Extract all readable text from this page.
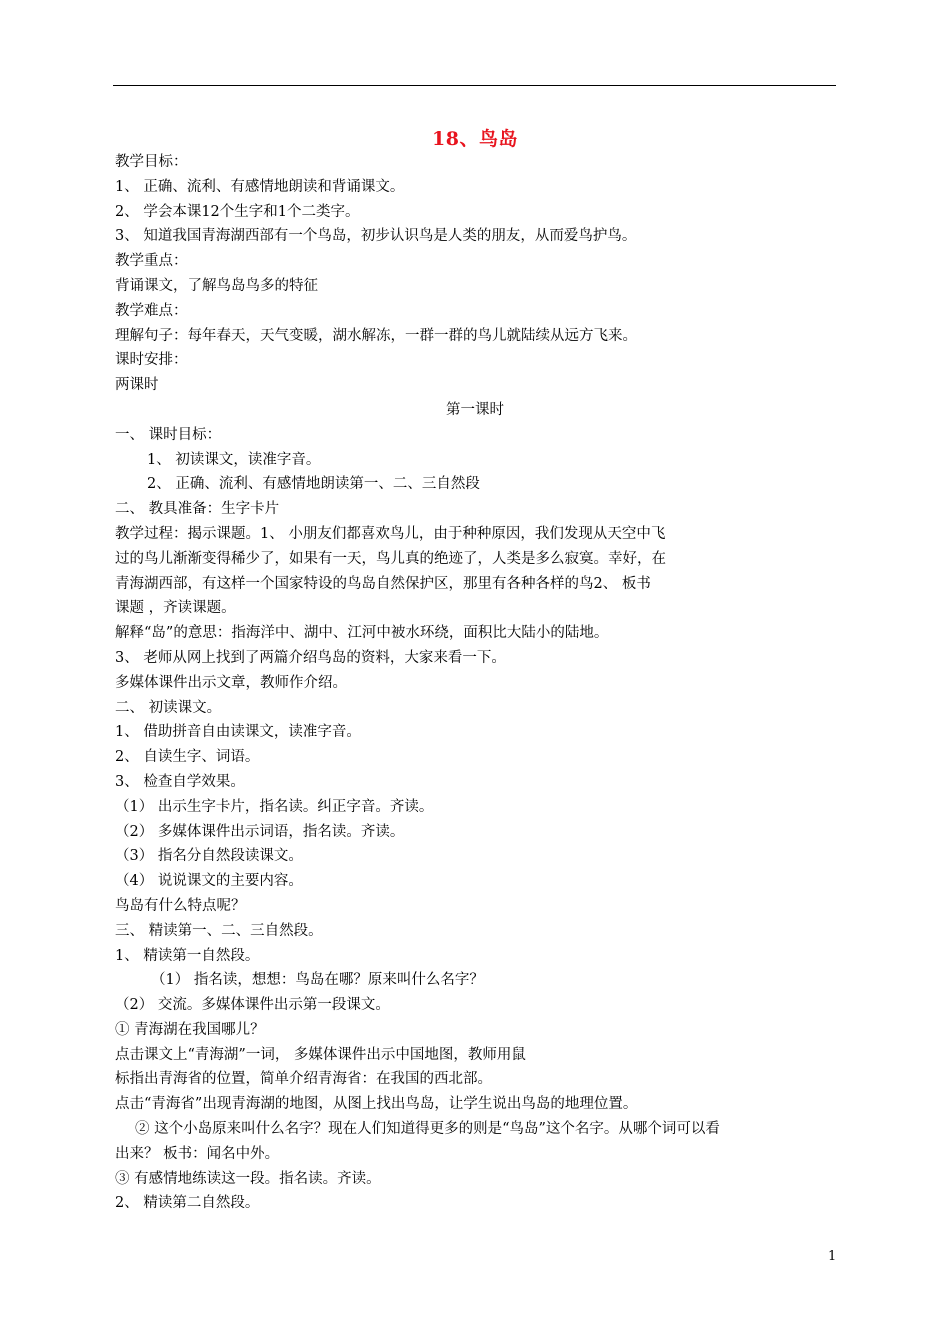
18、鸟岛
教学目标：
1、 正确、流利、有感情地朗读和背诵课文。
2、 学会本课12个生字和1个二类字。
3、 知道我国青海湖西部有一个鸟岛，初步认识鸟是人类的朋友，从而爱鸟护鸟。
教学重点：
背诵课文，了解鸟岛鸟多的特征
教学难点：
理解句子：每年春天，天气变暖，湖水解冻，一群一群的鸟儿就陆续从远方飞来。
课时安排：
两课时
第一课时
一、 课时目标：
1、 初读课文，读准字音。
2、 正确、流利、有感情地朗读第一、二、三自然段
二、 教具准备：生字卡片
教学过程：揭示课题。1、 小朋友们都喜欢鸟儿，由于种种原因，我们发现从天空中飞
过的鸟儿渐渐变得稀少了，如果有一天，鸟儿真的绝迹了，人类是多么寂寞。幸好，在
青海湖西部，有这样一个国家特设的鸟岛自然保护区，那里有各种各样的鸟2、 板书
课题 ，齐读课题。
解释“岛”的意思：指海洋中、湖中、江河中被水环绕，面积比大陆小的陆地。
3、 老师从网上找到了两篇介绍鸟岛的资料，大家来看一下。
多媒体课件出示文章，教师作介绍。
二、 初读课文。
1、 借助拼音自由读课文，读准字音。
2、 自读生字、词语。
3、 检查自学效果。
（1） 出示生字卡片，指名读。纠正字音。齐读。
（2） 多媒体课件出示词语，指名读。齐读。
（3） 指名分自然段读课文。
（4） 说说课文的主要内容。
鸟岛有什么特点呢？
三、 精读第一、二、三自然段。
1、 精读第一自然段。
（1） 指名读，想想：鸟岛在哪？原来叫什么名字？
（2） 交流。多媒体课件出示第一段课文。
① 青海湖在我国哪儿？
点击课文上“青海湖”一词， 多媒体课件出示中国地图，教师用鼠
标指出青海省的位置，简单介绍青海省：在我国的西北部。
点击“青海省”出现青海湖的地图，从图上找出鸟岛，让学生说出鸟岛的地理位置。
② 这个小岛原来叫什么名字？现在人们知道得更多的则是“鸟岛”这个名字。从哪个词可以看
出来？ 板书：闻名中外。
③ 有感情地练读这一段。指名读。齐读。
2、 精读第二自然段。
1
